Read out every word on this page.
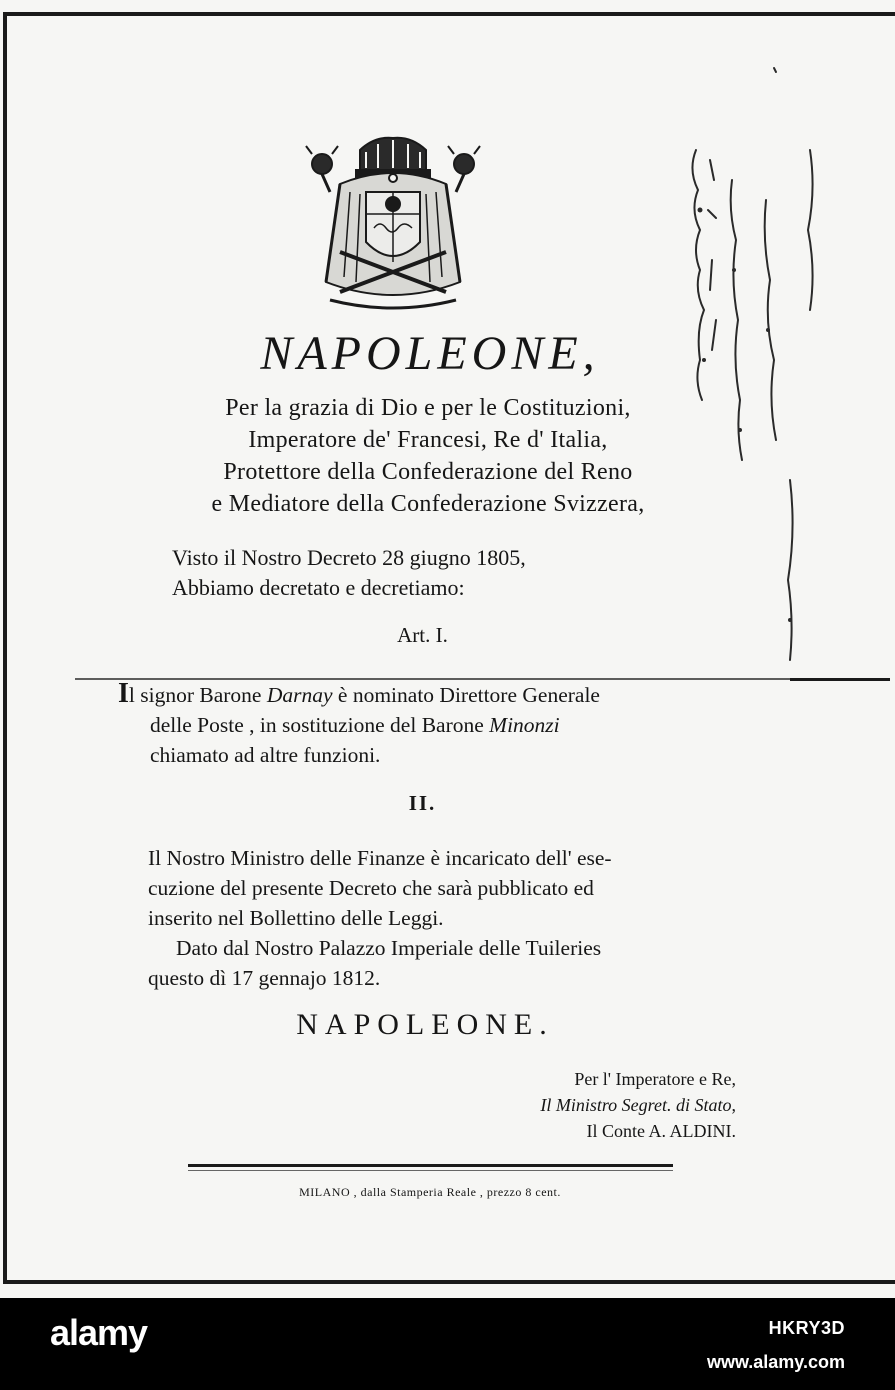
NAPOLEONE,
Per la grazia di Dio e per le Costituzioni,
Imperatore de' Francesi, Re d' Italia,
Protettore della Confederazione del Reno
e Mediatore della Confederazione Svizzera,
Visto il Nostro Decreto 28 giugno 1805,
Abbiamo decretato e decretiamo:
Art. I.
Il signor Barone Darnay è nominato Direttore Generale
delle Poste , in sostituzione del Barone Minonzi
chiamato ad altre funzioni.
II.
Il Nostro Ministro delle Finanze è incaricato dell' ese-
cuzione del presente Decreto che sarà pubblicato ed
inserito nel Bollettino delle Leggi.
Dato dal Nostro Palazzo Imperiale delle Tuileries
questo dì 17 gennajo 1812.
NAPOLEONE.
Per l' Imperatore e Re,
Il Ministro Segret. di Stato,
Il Conte A. ALDINI.
MILANO , dalla Stamperia Reale , prezzo 8 cent.
alamy	HKRY3D
www.alamy.com
